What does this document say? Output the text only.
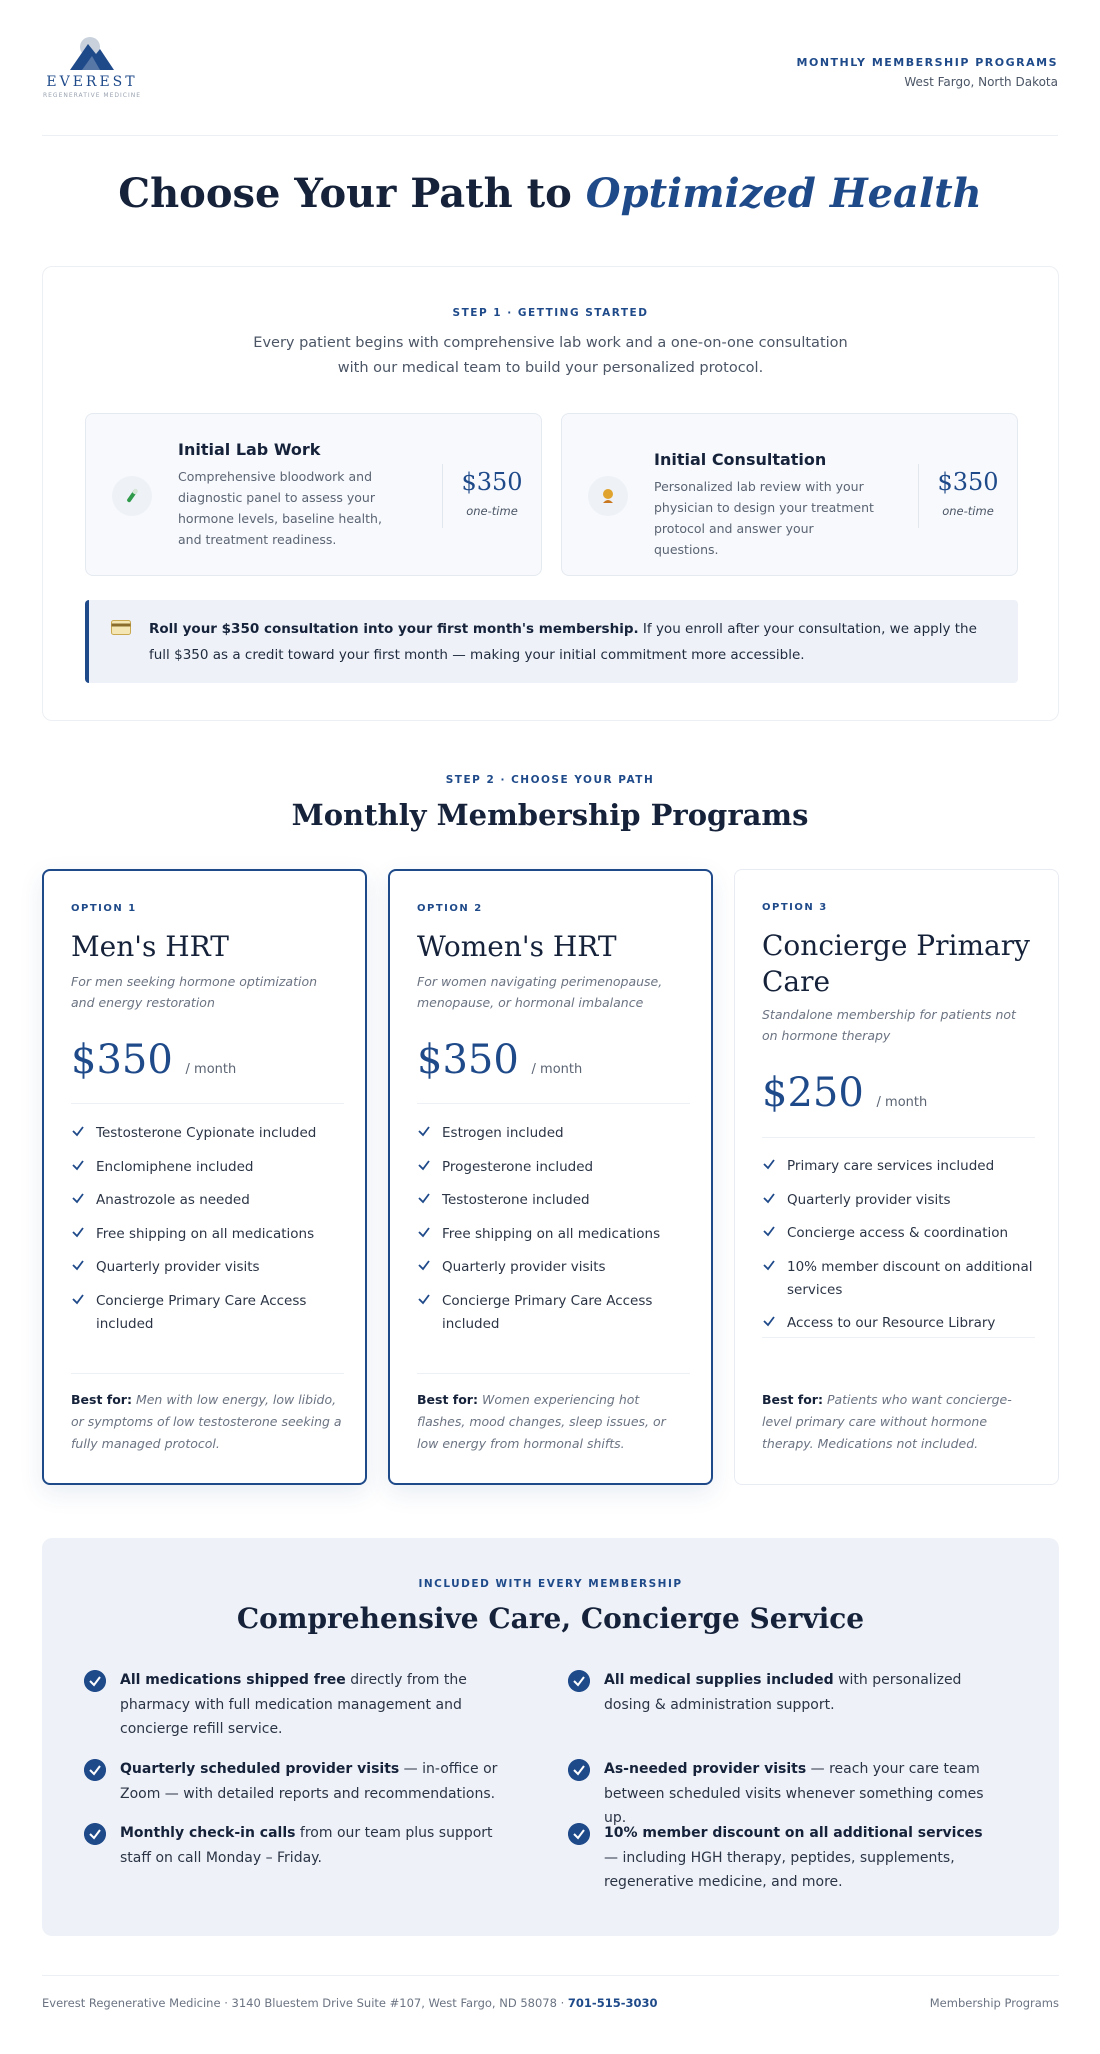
EVEREST
REGENERATIVE MEDICINE
MONTHLY MEMBERSHIP PROGRAMS
West Fargo, North Dakota
Choose Your Path to Optimized Health
STEP 1 · GETTING STARTED
Every patient begins with comprehensive lab work and a one-on-one consultation
with our medical team to build your personalized protocol.
Initial Lab Work
Comprehensive bloodwork and diagnostic panel to assess your hormone levels, baseline health, and treatment readiness.
$350
one-time
Initial Consultation
Personalized lab review with your physician to design your treatment protocol and answer your questions.
$350
one-time
Roll your $350 consultation into your first month's membership. If you enroll after your consultation, we apply the full $350 as a credit toward your first month — making your initial commitment more accessible.
STEP 2 · CHOOSE YOUR PATH
Monthly Membership Programs
OPTION 1
Men's HRT
For men seeking hormone optimization and energy restoration
$350 / month
Testosterone Cypionate included
Enclomiphene included
Anastrozole as needed
Free shipping on all medications
Quarterly provider visits
Concierge Primary Care Access included
Best for: Men with low energy, low libido, or symptoms of low testosterone seeking a fully managed protocol.
OPTION 2
Women's HRT
For women navigating perimenopause, menopause, or hormonal imbalance
$350 / month
Estrogen included
Progesterone included
Testosterone included
Free shipping on all medications
Quarterly provider visits
Concierge Primary Care Access included
Best for: Women experiencing hot flashes, mood changes, sleep issues, or low energy from hormonal shifts.
OPTION 3
Concierge Primary Care
Standalone membership for patients not on hormone therapy
$250 / month
Primary care services included
Quarterly provider visits
Concierge access & coordination
10% member discount on additional services
Access to our Resource Library
Best for: Patients who want concierge-level primary care without hormone therapy. Medications not included.
INCLUDED WITH EVERY MEMBERSHIP
Comprehensive Care, Concierge Service
All medications shipped free directly from the pharmacy with full medication management and concierge refill service.
All medical supplies included with personalized dosing & administration support.
Quarterly scheduled provider visits — in-office or Zoom — with detailed reports and recommendations.
As-needed provider visits — reach your care team between scheduled visits whenever something comes up.
Monthly check-in calls from our team plus support staff on call Monday – Friday.
10% member discount on all additional services — including HGH therapy, peptides, supplements, regenerative medicine, and more.
Everest Regenerative Medicine · 3140 Bluestem Drive Suite #107, West Fargo, ND 58078 · 701-515-3030	Membership Programs
